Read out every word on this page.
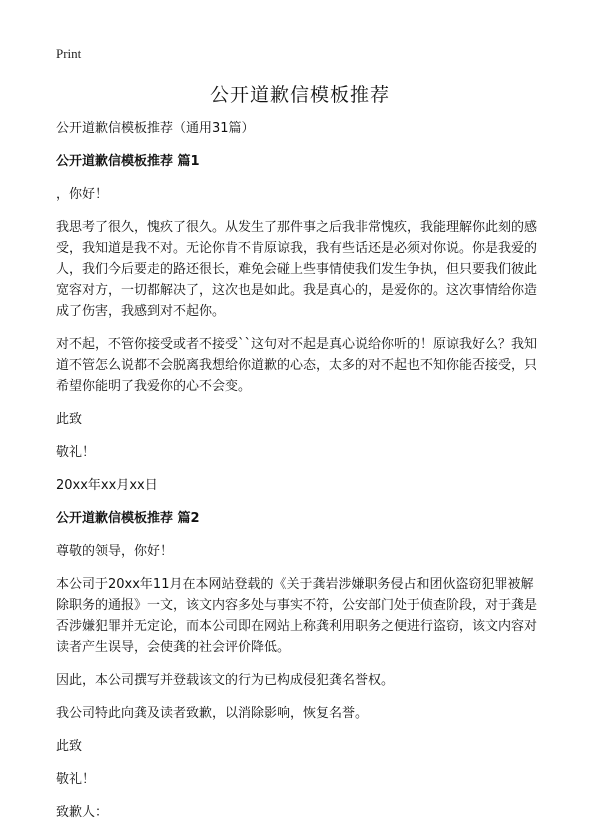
Print
公开道歉信模板推荐
公开道歉信模板推荐（通用31篇）
公开道歉信模板推荐 篇1
，你好！
我思考了很久，愧疚了很久。从发生了那件事之后我非常愧疚，我能理解你此刻的感受，我知道是我不对。无论你肯不肯原谅我，我有些话还是必须对你说。你是我爱的人，我们今后要走的路还很长，难免会碰上些事情使我们发生争执，但只要我们彼此宽容对方，一切都解决了，这次也是如此。我是真心的，是爱你的。这次事情给你造成了伤害，我感到对不起你。
对不起，不管你接受或者不接受``这句对不起是真心说给你听的！原谅我好么？我知道不管怎么说都不会脱离我想给你道歉的心态，太多的对不起也不知你能否接受，只希望你能明了我爱你的心不会变。
此致
敬礼！
20xx年xx月xx日
公开道歉信模板推荐 篇2
尊敬的领导，你好！
本公司于20xx年11月在本网站登载的《关于龚岩涉嫌职务侵占和团伙盗窃犯罪被解除职务的通报》一文，该文内容多处与事实不符，公安部门处于侦查阶段，对于龚是否涉嫌犯罪并无定论，而本公司即在网站上称龚利用职务之便进行盗窃，该文内容对读者产生误导，会使龚的社会评价降低。
因此，本公司撰写并登载该文的行为已构成侵犯龚名誉权。
我公司特此向龚及读者致歉，以消除影响，恢复名誉。
此致
敬礼！
致歉人：
